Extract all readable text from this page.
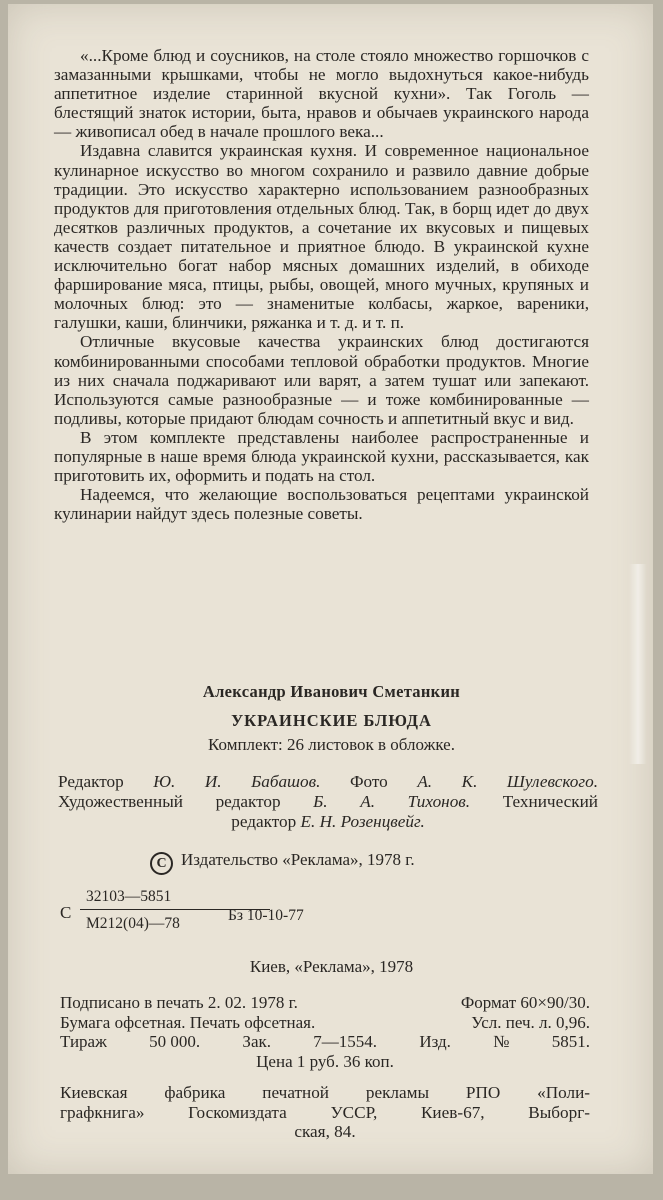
«...Кроме блюд и соусников, на столе стояло множество горшочков с замазанными крышками, чтобы не могло выдохнуться какое-нибудь аппетитное изделие старинной вкусной кухни». Так Гоголь — блестящий знаток истории, быта, нравов и обычаев украинского народа — живописал обед в начале прошлого века...

Издавна славится украинская кухня. И современное национальное кулинарное искусство во многом сохранило и развило давние добрые традиции. Это искусство характерно использованием разнообразных продуктов для приготовления отдельных блюд. Так, в борщ идет до двух десятков различных продуктов, а сочетание их вкусовых и пищевых качеств создает питательное и приятное блюдо. В украинской кухне исключительно богат набор мясных домашних изделий, в обиходе фарширование мяса, птицы, рыбы, овощей, много мучных, крупяных и молочных блюд: это — знаменитые колбасы, жаркое, вареники, галушки, каши, блинчики, ряжанка и т. д. и т. п.

Отличные вкусовые качества украинских блюд достигаются комбинированными способами тепловой обработки продуктов. Многие из них сначала поджаривают или варят, а затем тушат или запекают. Используются самые разнообразные — и тоже комбинированные — подливы, которые придают блюдам сочность и аппетитный вкус и вид.

В этом комплекте представлены наиболее распространенные и популярные в наше время блюда украинской кухни, рассказывается, как приготовить их, оформить и подать на стол.

Надеемся, что желающие воспользоваться рецептами украинской кулинарии найдут здесь полезные советы.

Александр Иванович Сметанкин
УКРАИНСКИЕ БЛЮДА
Комплект: 26 листовок в обложке.
Редактор Ю. И. Бабашов. Фото А. К. Шулевского.
Художественный редактор Б. А. Тихонов. Технический
редактор Е. Н. Розенцвейг.
C Издательство «Реклама», 1978 г.
С
32103—5851
М212(04)—78	Бз 10-10-77
Киев, «Реклама», 1978
Подписано в печать 2. 02. 1978 г.	Формат 60×90/30.
Бумага офсетная. Печать офсетная.	Усл. печ. л. 0,96.
Тираж 50 000. Зак. 7—1554. Изд. № 5851.
Цена 1 руб. 36 коп.
Киевская фабрика печатной рекламы РПО «Поли-
графкнига» Госкомиздата УССР, Киев-67, Выборг-
ская, 84.
